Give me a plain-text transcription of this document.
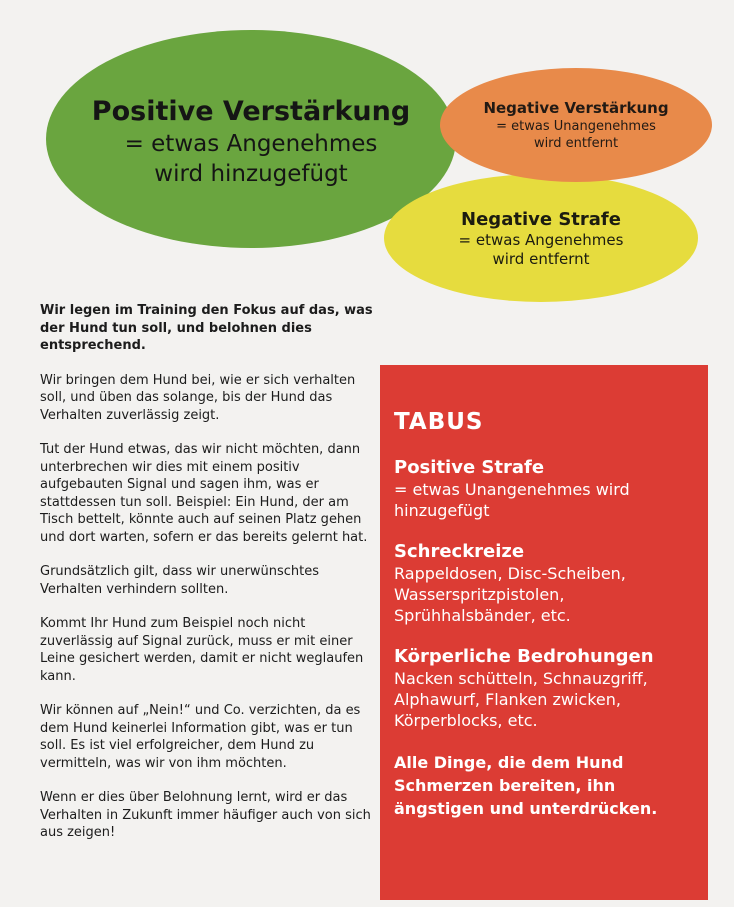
Positive Verstärkung
= etwas Angenehmes
wird hinzugefügt
Negative Strafe
= etwas Angenehmes
wird entfernt
Negative Verstärkung
= etwas Unangenehmes
wird entfernt

Wir legen im Training den Fokus auf das, was der Hund tun soll, und belohnen dies entsprechend.

Wir bringen dem Hund bei, wie er sich verhalten soll, und üben das solange, bis der Hund das Verhalten zuverlässig zeigt.

Tut der Hund etwas, das wir nicht möchten, dann unterbrechen wir dies mit einem positiv aufgebauten Signal und sagen ihm, was er stattdessen tun soll. Beispiel: Ein Hund, der am Tisch bettelt, könnte auch auf seinen Platz gehen und dort warten, sofern er das bereits gelernt hat.

Grundsätzlich gilt, dass wir unerwünschtes Verhalten verhindern sollten.

Kommt Ihr Hund zum Beispiel noch nicht zuverlässig auf Signal zurück, muss er mit einer Leine gesichert werden, damit er nicht weglaufen kann.

Wir können auf „Nein!“ und Co. verzichten, da es dem Hund keinerlei Information gibt, was er tun soll. Es ist viel erfolgreicher, dem Hund zu vermitteln, was wir von ihm möchten.

Wenn er dies über Belohnung lernt, wird er das Verhalten in Zukunft immer häufiger auch von sich aus zeigen!

TABUS
Positive Strafe
= etwas Unangenehmes wird hinzugefügt
Schreckreize
Rappeldosen, Disc-Scheiben, Wasserspritzpistolen, Sprühhalsbänder, etc.
Körperliche Bedrohungen
Nacken schütteln, Schnauzgriff, Alphawurf, Flanken zwicken, Körperblocks, etc.
Alle Dinge, die dem Hund Schmerzen bereiten, ihn ängstigen und unterdrücken.
